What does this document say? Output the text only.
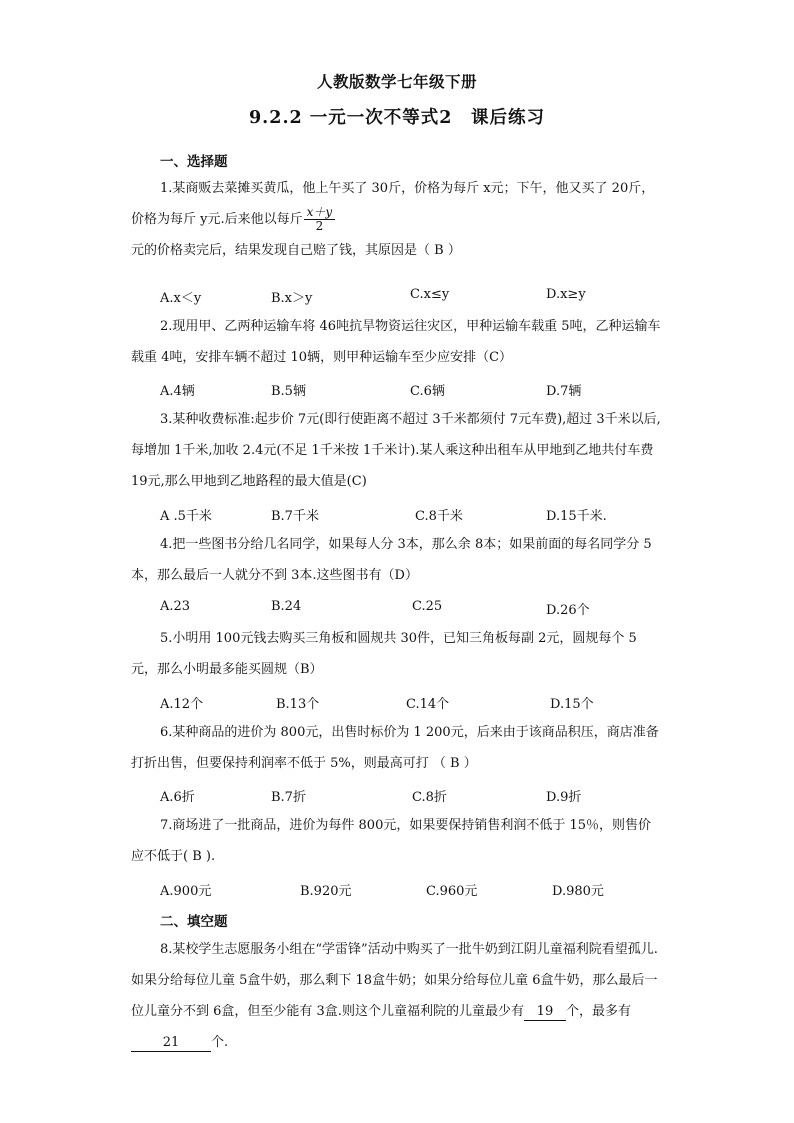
人教版数学七年级下册
9.2.2 一元一次不等式2　课后练习
一、选择题

1.某商贩去菜摊买黄瓜，他上午买了 30斤，价格为每斤 x元；下午，他又买了 20斤，价格为每斤 y元.后来他以每斤 $\frac{x+y}{2}$
元的价格卖完后，结果发现自己赔了钱，其原因是（ B ）

A.x＜y	B.x＞y	C.x≤y	D.x≥y

2.现用甲、乙两种运输车将 46吨抗旱物资运往灾区，甲种运输车载重 5吨，乙种运输车载重 4吨，安排车辆不超过 10辆，则甲种运输车至少应安排（C）

A.4辆	B.5辆	C.6辆	D.7辆

3.某种收费标准:起步价 7元(即行使距离不超过 3千米都须付 7元车费),超过 3千米以后,每增加 1千米,加收 2.4元(不足 1千米按 1千米计).某人乘这种出租车从甲地到乙地共付车费 19元,那么甲地到乙地路程的最大值是(C)

A .5千米	B.7千米	C.8千米	D.15千米.

4.把一些图书分给几名同学，如果每人分 3本，那么余 8本；如果前面的每名同学分 5本，那么最后一人就分不到 3本.这些图书有（D）

A.23	B.24	C.25	D.26个

5.小明用 100元钱去购买三角板和圆规共 30件，已知三角板每副 2元，圆规每个 5元，那么小明最多能买圆规（B）

A.12个	B.13个	C.14个	D.15个

6.某种商品的进价为 800元，出售时标价为 1 200元，后来由于该商品积压，商店准备打折出售，但要保持利润率不低于 5%，则最高可打 （ B ）

A.6折	B.7折	C.8折	D.9折

7.商场进了一批商品，进价为每件 800元，如果要保持销售利润不低于 15％，则售价应不低于( B ).

A.900元	B.920元	C.960元	D.980元
二、填空题

8.某校学生志愿服务小组在“学雷锋”活动中购买了一批牛奶到江阴儿童福利院看望孤儿.如果分给每位儿童 5盒牛奶，那么剩下 18盒牛奶；如果分给每位儿童 6盒牛奶，那么最后一位儿童分不到 6盒，但至少能有 3盒.则这个儿童福利院的儿童最少有 19 个，最多有21 个.
